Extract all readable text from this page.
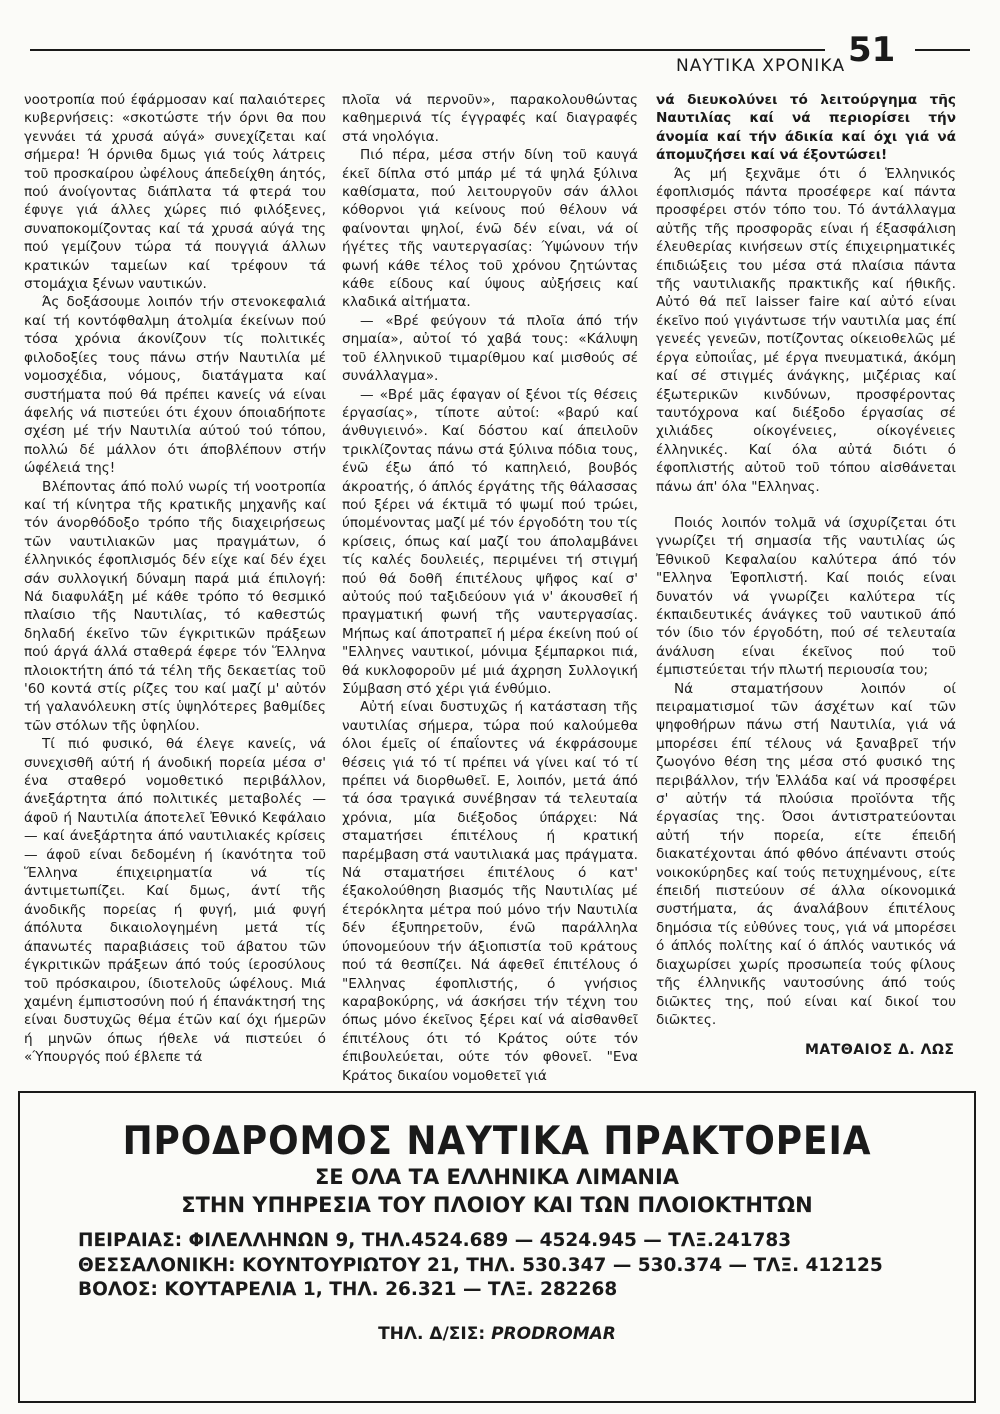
ΝΑΥΤΙΚΑ ΧΡΟΝΙΚΑ 51

νοοτροπία πού έφάρμοσαν καί παλαιότερες κυβερνήσεις: «σκοτώστε τήν όρνι θα που γεννάει τά χρυσά αύγά» συνεχίζεται καί σήμερα! Ή όρνιθα δμως γιά τούς λάτρεις τοῦ προσκαίρου ὠφέλους άπεδείχθη άητός, πού άνοίγοντας διάπλατα τά φτερά του έφυγε γιά άλλες χώρες πιό φιλόξενες, συναποκομίζοντας καί τά χρυσά αύγά της πού γεμίζουν τώρα τά πουγγιά άλλων κρατικών ταμείων καί τρέφουν τά στομάχια ξένων ναυτικών.

Άς δοξάσουμε λοιπόν τήν στενοκεφαλιά καί τή κοντόφθαλμη άτολμία έκείνων πού τόσα χρόνια άκονίζουν τίς πολιτικές φιλοδοξίες τους πάνω στήν Ναυτιλία μέ νομοσχέδια, νόμους, διατάγματα καί συστήματα πού θά πρέπει κανείς νά είναι άφελής νά πιστεύει ότι έχουν όποιαδήποτε σχέση μέ τήν Ναυτιλία αύτού τού τόπου, πολλώ δέ μάλλον ότι άποβλέπουν στήν ώφέλειά της!

Βλέποντας άπό πολύ νωρίς τή νοοτροπία καί τή κίνητρα τῆς κρατικῆς μηχανῆς καί τόν άνορθόδοξο τρόπο τῆς διαχειρήσεως τῶν ναυτιλιακῶν μας πραγμάτων, ό έλληνικός έφοπλισμός δέν είχε καί δέν έχει σάν συλλογική δύναμη παρά μιά έπιλογή: Νά διαφυλάξη μέ κάθε τρόπο τό θεσμικό πλαίσιο τῆς Ναυτιλίας, τό καθεστώς δηλαδή έκεῖνο τῶν έγκριτικῶν πράξεων πού άργά άλλά σταθερά έφερε τόν Ἕλληνα πλοιοκτήτη άπό τά τέλη τῆς δεκαετίας τοῦ '60 κοντά στίς ρίζες του καί μαζί μ' αὐτόν τή γαλανόλευκη στίς ὑψηλότερες βαθμίδες τῶν στόλων τῆς ὑφηλίου.

Τί πιό φυσικό, θά έλεγε κανείς, νά συνεχισθῆ αύτή ή άνοδική πορεία μέσα σ' ένα σταθερό νομοθετικό περιβάλλον, άνεξάρτητα άπό πολιτικές μεταβολές — άφοῦ ή Ναυτιλία άποτελεῖ Ἐθνικό Κεφάλαιο — καί άνεξάρτητα άπό ναυτιλιακές κρίσεις — άφοῦ είναι δεδομένη ή ίκανότητα τοῦ Ἕλληνα έπιχειρηματία νά τίς άντιμετωπίζει. Καί δμως, άντί τῆς άνοδικῆς πορείας ή φυγή, μιά φυγή άπόλυτα δικαιολογημένη μετά τίς άπανωτές παραβιάσεις τοῦ άβατου τῶν έγκριτικῶν πράξεων άπό τούς ίεροσύλους τοῦ πρόσκαιρου, ίδιοτελοῦς ώφέλους. Μιά χαμένη έμπιστοσύνη πού ή έπανάκτησή της είναι δυστυχῶς θέμα έτῶν καί όχι ήμερῶν ή μηνῶν όπως ήθελε νά πιστεύει ό «Ύπουργός πού έβλεπε τά

πλοῖα νά περνοῦν», παρακολουθώντας καθημερινά τίς έγγραφές καί διαγραφές στά νηολόγια.

Πιό πέρα, μέσα στήν δίνη τοῦ καυγά έκεῖ δίπλα στό μπάρ μέ τά ψηλά ξύλινα καθίσματα, πού λειτουργοῦν σάν άλλοι κόθορνοι γιά κείνους πού θέλουν νά φαίνονται ψηλοί, ένῶ δέν είναι, νά οί ήγέτες τῆς ναυτεργασίας: Ύψώνουν τήν φωνή κάθε τέλος τοῦ χρόνου ζητώντας κάθε είδους καί ύψους αὐξήσεις καί κλαδικά αἰτήματα.

— «Βρέ φεύγουν τά πλοῖα άπό τήν σημαία», αὐτοί τό χαβά τους: «Κάλυψη τοῦ έλληνικοῦ τιμαρίθμου καί μισθούς σέ συνάλλαγμα».

— «Βρέ μᾶς έφαγαν οί ξένοι τίς θέσεις έργασίας», τίποτε αὐτοί: «βαρύ καί άνθυγιεινό». Καί δόστου καί άπειλοῦν τρικλίζοντας πάνω στά ξύλινα πόδια τους, ένῶ έξω άπό τό καπηλειό, βουβός άκροατής, ό άπλός έργάτης τῆς θάλασσας πού ξέρει νά έκτιμᾶ τό ψωμί πού τρώει, ύπομένοντας μαζί μέ τόν έργοδότη του τίς κρίσεις, όπως καί μαζί του άπολαμβάνει τίς καλές δουλειές, περιμένει τή στιγμή πού θά δοθῆ έπιτέλους ψῆφος καί σ' αὐτούς πού ταξιδεύουν γιά ν' άκουσθεῖ ή πραγματική φωνή τῆς ναυτεργασίας. Μήπως καί άποτραπεῖ ή μέρα έκείνη πού οί "Ελληνες ναυτικοί, μόνιμα ξέμπαρκοι πιά, θά κυκλοφοροῦν μέ μιά άχρηση Συλλογική Σύμβαση στό χέρι γιά ένθύμιο.

Αὐτή είναι δυστυχῶς ή κατάσταση τῆς ναυτιλίας σήμερα, τώρα πού καλούμεθα όλοι έμεῖς οί έπαΐοντες νά έκφράσουμε θέσεις γιά τό τί πρέπει νά γίνει καί τό τί πρέπει νά διορθωθεῖ. Ε, λοιπόν, μετά άπό τά όσα τραγικά συνέβησαν τά τελευταία χρόνια, μία διέξοδος ύπάρχει: Νά σταματήσει έπιτέλους ή κρατική παρέμβαση στά ναυτιλιακά μας πράγματα. Νά σταματήσει έπιτέλους ό κατ' έξακολούθηση βιασμός τῆς Ναυτιλίας μέ έτερόκλητα μέτρα πού μόνο τήν Ναυτιλία δέν έξυπηρετοῦν, ένῶ παράλληλα ύπονομεύουν τήν άξιοπιστία τοῦ κράτους πού τά θεσπίζει. Νά άφεθεῖ έπιτέλους ό "Ελληνας έφοπλιστής, ό γνήσιος καραβοκύρης, νά άσκήσει τήν τέχνη του όπως μόνο έκεῖνος ξέρει καί νά αἰσθανθεῖ έπιτέλους ότι τό Κράτος ούτε τόν έπιβουλεύεται, ούτε τόν φθονεῖ. "Ενα Κράτος δικαίου νομοθετεῖ γιά

νά διευκολύνει τό λειτούργημα τῆς Ναυτιλίας καί νά περιορίσει τήν άνομία καί τήν άδικία καί όχι γιά νά άπομυζήσει καί νά έξοντώσει!

Άς μή ξεχνᾶμε ότι ό Ἑλληνικός έφοπλισμός πάντα προσέφερε καί πάντα προσφέρει στόν τόπο του. Τό άντάλλαγμα αὐτῆς τῆς προσφορᾶς είναι ή έξασφάλιση έλευθερίας κινήσεων στίς έπιχειρηματικές έπιδιώξεις του μέσα στά πλαίσια πάντα τῆς ναυτιλιακῆς πρακτικῆς καί ήθικῆς. Αὐτό θά πεῖ laisser faire καί αὐτό είναι έκεῖνο πού γιγάντωσε τήν ναυτιλία μας έπί γενεές γενεῶν, ποτίζοντας οίκειοθελῶς μέ έργα εὐποιΐας, μέ έργα πνευματικά, άκόμη καί σέ στιγμές άνάγκης, μιζέριας καί έξωτερικῶν κινδύνων, προσφέροντας ταυτόχρονα καί διέξοδο έργασίας σέ χιλιάδες οίκογένειες, οίκογένειες έλληνικές. Καί όλα αὐτά διότι ό έφοπλιστής αὐτοῦ τοῦ τόπου αἰσθάνεται πάνω άπ' όλα "Ελληνας.

Ποιός λοιπόν τολμᾶ νά ίσχυρίζεται ότι γνωρίζει τή σημασία τῆς ναυτιλίας ώς Ἐθνικοῦ Κεφαλαίου καλύτερα άπό τόν "Ελληνα Ἐφοπλιστή. Καί ποιός είναι δυνατόν νά γνωρίζει καλύτερα τίς έκπαιδευτικές άνάγκες τοῦ ναυτικοῦ άπό τόν ίδιο τόν έργοδότη, πού σέ τελευταία άνάλυση είναι έκεῖνος πού τοῦ έμπιστεύεται τήν πλωτή περιουσία του;

Νά σταματήσουν λοιπόν οί πειραματισμοί τῶν άσχέτων καί τῶν ψηφοθήρων πάνω στή Ναυτιλία, γιά νά μπορέσει έπί τέλους νά ξαναβρεῖ τήν ζωογόνο θέση της μέσα στό φυσικό της περιβάλλον, τήν Ἑλλάδα καί νά προσφέρει σ' αὐτήν τά πλούσια προϊόντα τῆς έργασίας της. Όσοι άντιστρατεύονται αὐτή τήν πορεία, είτε έπειδή διακατέχονται άπό φθόνο άπέναντι στούς νοικοκύρηδες καί τούς πετυχημένους, είτε έπειδή πιστεύουν σέ άλλα οίκονομικά συστήματα, άς άναλάβουν έπιτέλους δημόσια τίς εὐθύνες τους, γιά νά μπορέσει ό άπλός πολίτης καί ό άπλός ναυτικός νά διαχωρίσει χωρίς προσωπεία τούς φίλους τῆς έλληνικῆς ναυτοσύνης άπό τούς διῶκτες της, πού είναι καί δικοί του διῶκτες.

ΜΑΤΘΑΙΟΣ Δ. ΛΩΣ
ΠΡΟΔΡΟΜΟΣ ΝΑΥΤΙΚΑ ΠΡΑΚΤΟΡΕΙΑ
ΣΕ ΟΛΑ ΤΑ ΕΛΛΗΝΙΚΑ ΛΙΜΑΝΙΑ
ΣΤΗΝ ΥΠΗΡΕΣΙΑ ΤΟΥ ΠΛΟΙΟΥ ΚΑΙ ΤΩΝ ΠΛΟΙΟΚΤΗΤΩΝ
ΠΕΙΡΑΙΑΣ: ΦΙΛΕΛΛΗΝΩΝ 9, ΤΗΛ.4524.689 — 4524.945 — ΤΛΞ.241783
ΘΕΣΣΑΛΟΝΙΚΗ: ΚΟΥΝΤΟΥΡΙΩΤΟΥ 21, ΤΗΛ. 530.347 — 530.374 — ΤΛΞ. 412125
ΒΟΛΟΣ: ΚΟΥΤΑΡΕΛΙΑ 1, ΤΗΛ. 26.321 — ΤΛΞ. 282268
ΤΗΛ. Δ/ΣΙΣ: PRODROMAR
